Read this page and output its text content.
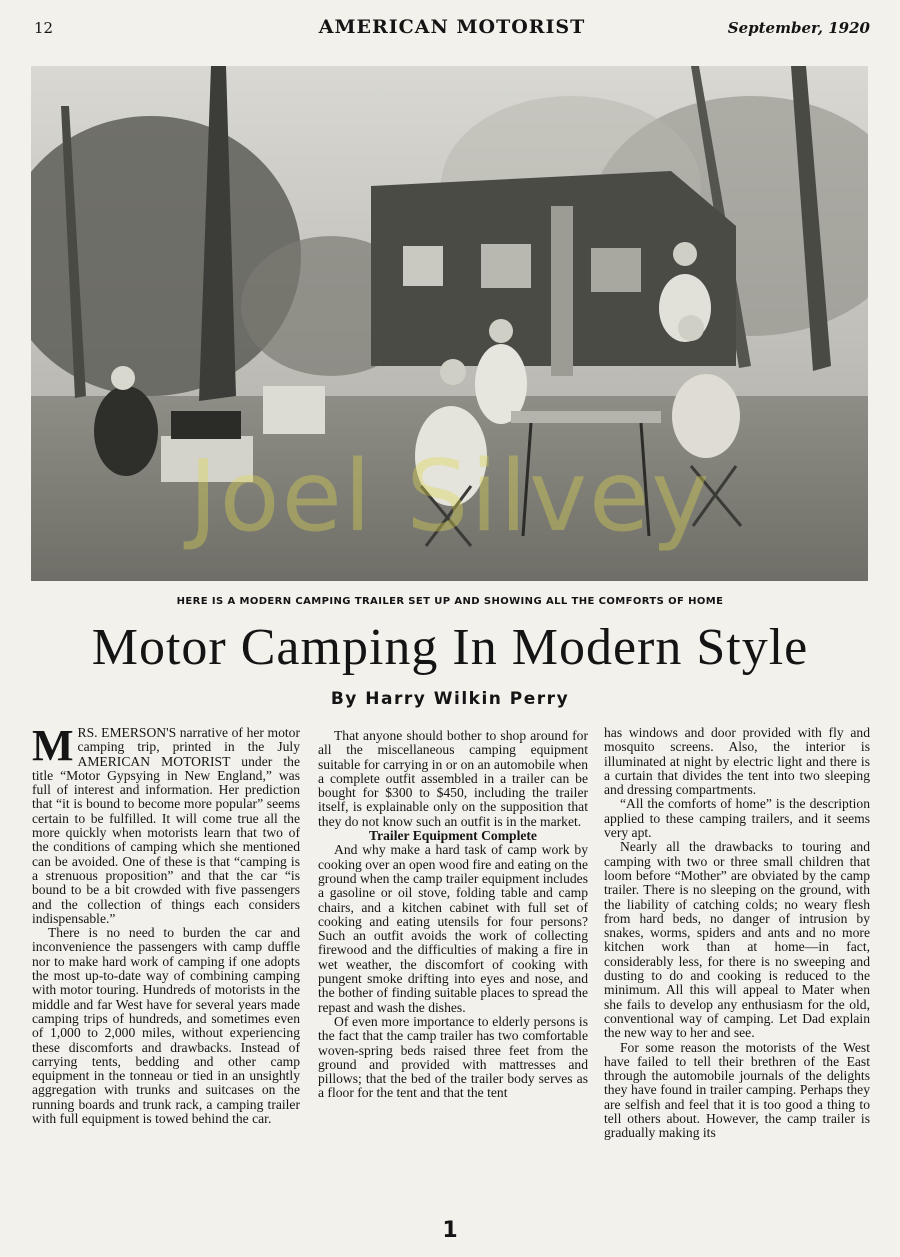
12	AMERICAN MOTORIST	September, 1920
HERE IS A MODERN CAMPING TRAILER SET UP AND SHOWING ALL THE COMFORTS OF HOME
Joel Silvey
Motor Camping In Modern Style
By Harry Wilkin Perry

MRS. EMERSON'S narrative of her motor camping trip, printed in the July AMERICAN MOTORIST under the title “Motor Gypsying in New England,” was full of interest and information. Her prediction that “it is bound to become more popular” seems certain to be fulfilled. It will come true all the more quickly when motorists learn that two of the conditions of camping which she mentioned can be avoided. One of these is that “camping is a strenuous proposition” and that the car “is bound to be a bit crowded with five passengers and the collection of things each considers indispensable.”

There is no need to burden the car and inconvenience the passengers with camp duffle nor to make hard work of camping if one adopts the most up-to-date way of combining camping with motor touring. Hundreds of motorists in the middle and far West have for several years made camping trips of hundreds, and sometimes even of 1,000 to 2,000 miles, without experiencing these discomforts and drawbacks. Instead of carrying tents, bedding and other camp equipment in the tonneau or tied in an unsightly aggregation with trunks and suitcases on the running boards and trunk rack, a camping trailer with full equipment is towed behind the car.

That anyone should bother to shop around for all the miscellaneous camping equipment suitable for carrying in or on an automobile when a complete outfit assembled in a trailer can be bought for $300 to $450, including the trailer itself, is explainable only on the supposition that they do not know such an outfit is in the market.

Trailer Equipment Complete

And why make a hard task of camp work by cooking over an open wood fire and eating on the ground when the camp trailer equipment includes a gasoline or oil stove, folding table and camp chairs, and a kitchen cabinet with full set of cooking and eating utensils for four persons? Such an outfit avoids the work of collecting firewood and the difficulties of making a fire in wet weather, the discomfort of cooking with pungent smoke drifting into eyes and nose, and the bother of finding suitable places to spread the repast and wash the dishes.

Of even more importance to elderly persons is the fact that the camp trailer has two comfortable woven-spring beds raised three feet from the ground and provided with mattresses and pillows; that the bed of the trailer body serves as a floor for the tent and that the tent

has windows and door provided with fly and mosquito screens. Also, the interior is illuminated at night by electric light and there is a curtain that divides the tent into two sleeping and dressing compartments.

“All the comforts of home” is the description applied to these camping trailers, and it seems very apt.

Nearly all the drawbacks to touring and camping with two or three small children that loom before “Mother” are obviated by the camp trailer. There is no sleeping on the ground, with the liability of catching colds; no weary flesh from hard beds, no danger of intrusion by snakes, worms, spiders and ants and no more kitchen work than at home—in fact, considerably less, for there is no sweeping and dusting to do and cooking is reduced to the minimum. All this will appeal to Mater when she fails to develop any enthusiasm for the old, conventional way of camping. Let Dad explain the new way to her and see.

For some reason the motorists of the West have failed to tell their brethren of the East through the automobile journals of the delights they have found in trailer camping. Perhaps they are selfish and feel that it is too good a thing to tell others about. However, the camp trailer is gradually making its

1
